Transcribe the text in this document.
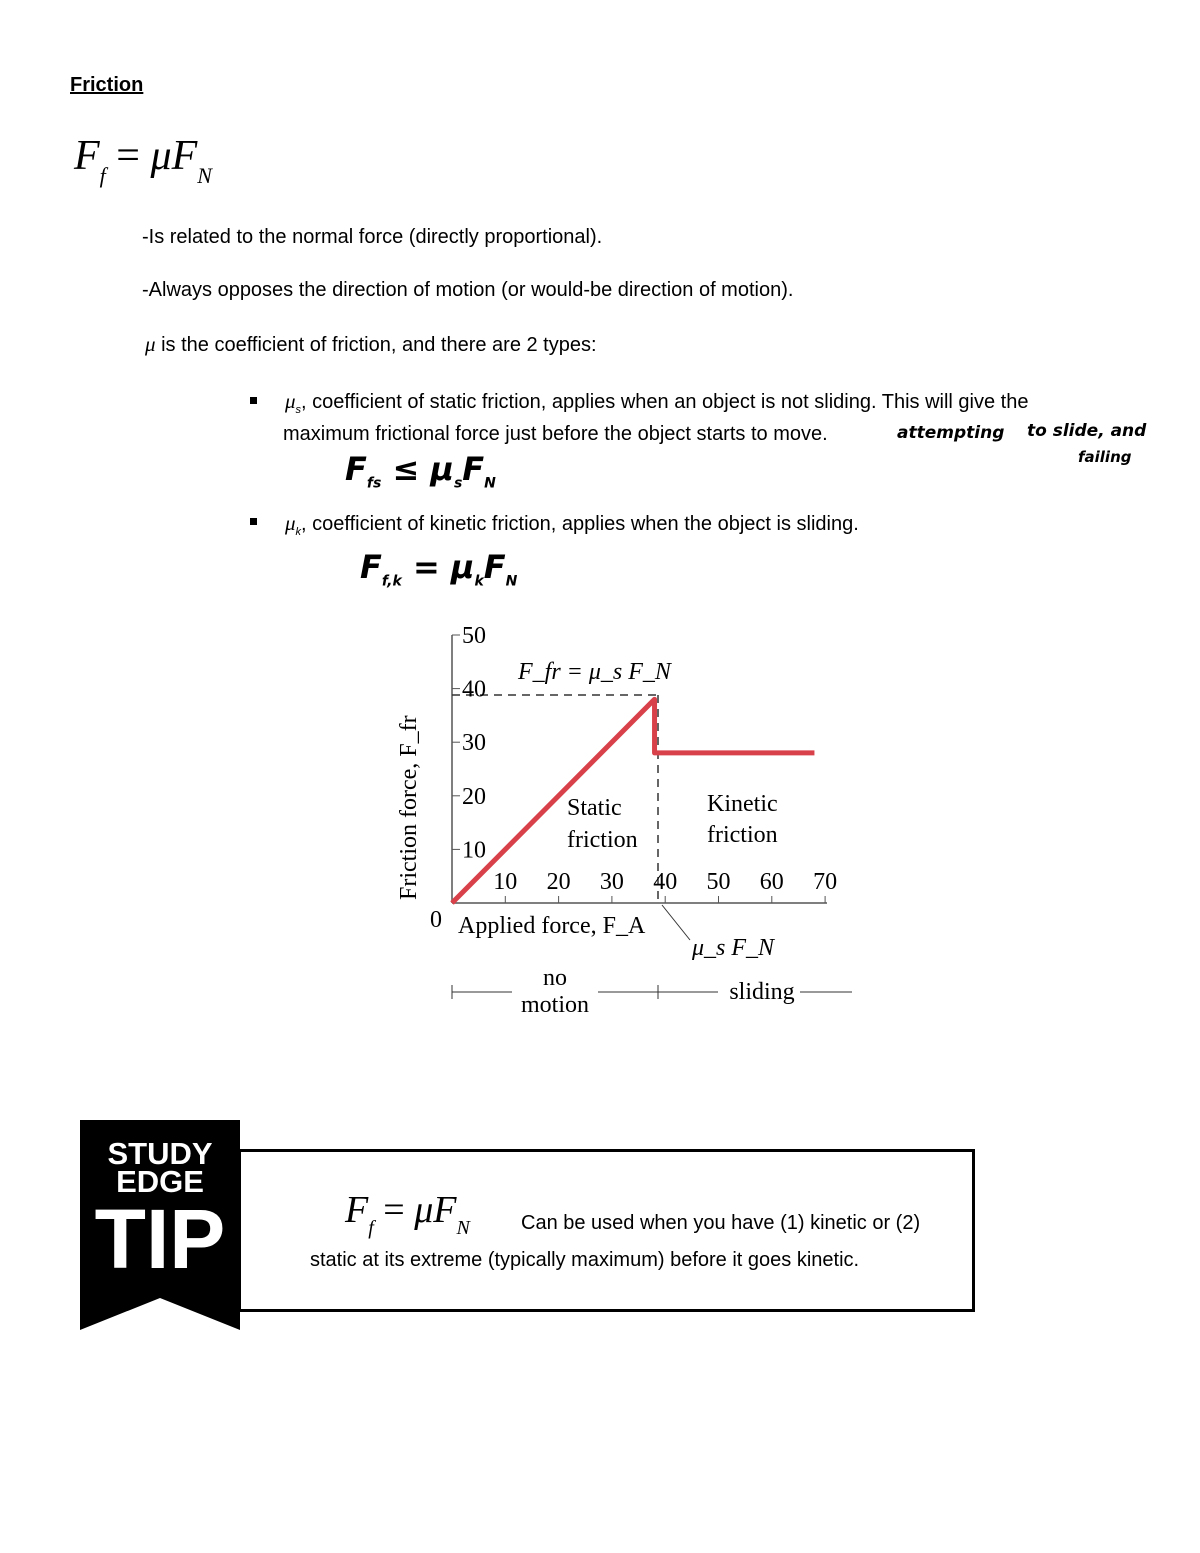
Friction
$F_f = \mu F_N$
-Is related to the normal force (directly proportional).
-Always opposes the direction of motion (or would-be direction of motion).
μ is the coefficient of friction, and there are 2 types:
$\mu_s$, coefficient of static friction, applies when an object is not sliding. This will give the
maximum frictional force just before the object starts to move.	attempting to slide, and
failing
$F_{fs} \le \mu_sF_N$
$\mu_k$, coefficient of kinetic friction, applies when the object is sliding.
$F_{f,k} = \mu_kF_N$
Friction force, F_fr
0 Applied force, F_A
F_fr = μ_s F_N
Static
friction
Kinetic
friction
μ_s F_N
no
motion	sliding
10
20
30
40
50
10 20 30 40 50 60 70
STUDY
EDGE
TIP	$F_f = \mu F_N$	Can be used when you have (1) kinetic or (2)
static at its extreme (typically maximum) before it goes kinetic.
